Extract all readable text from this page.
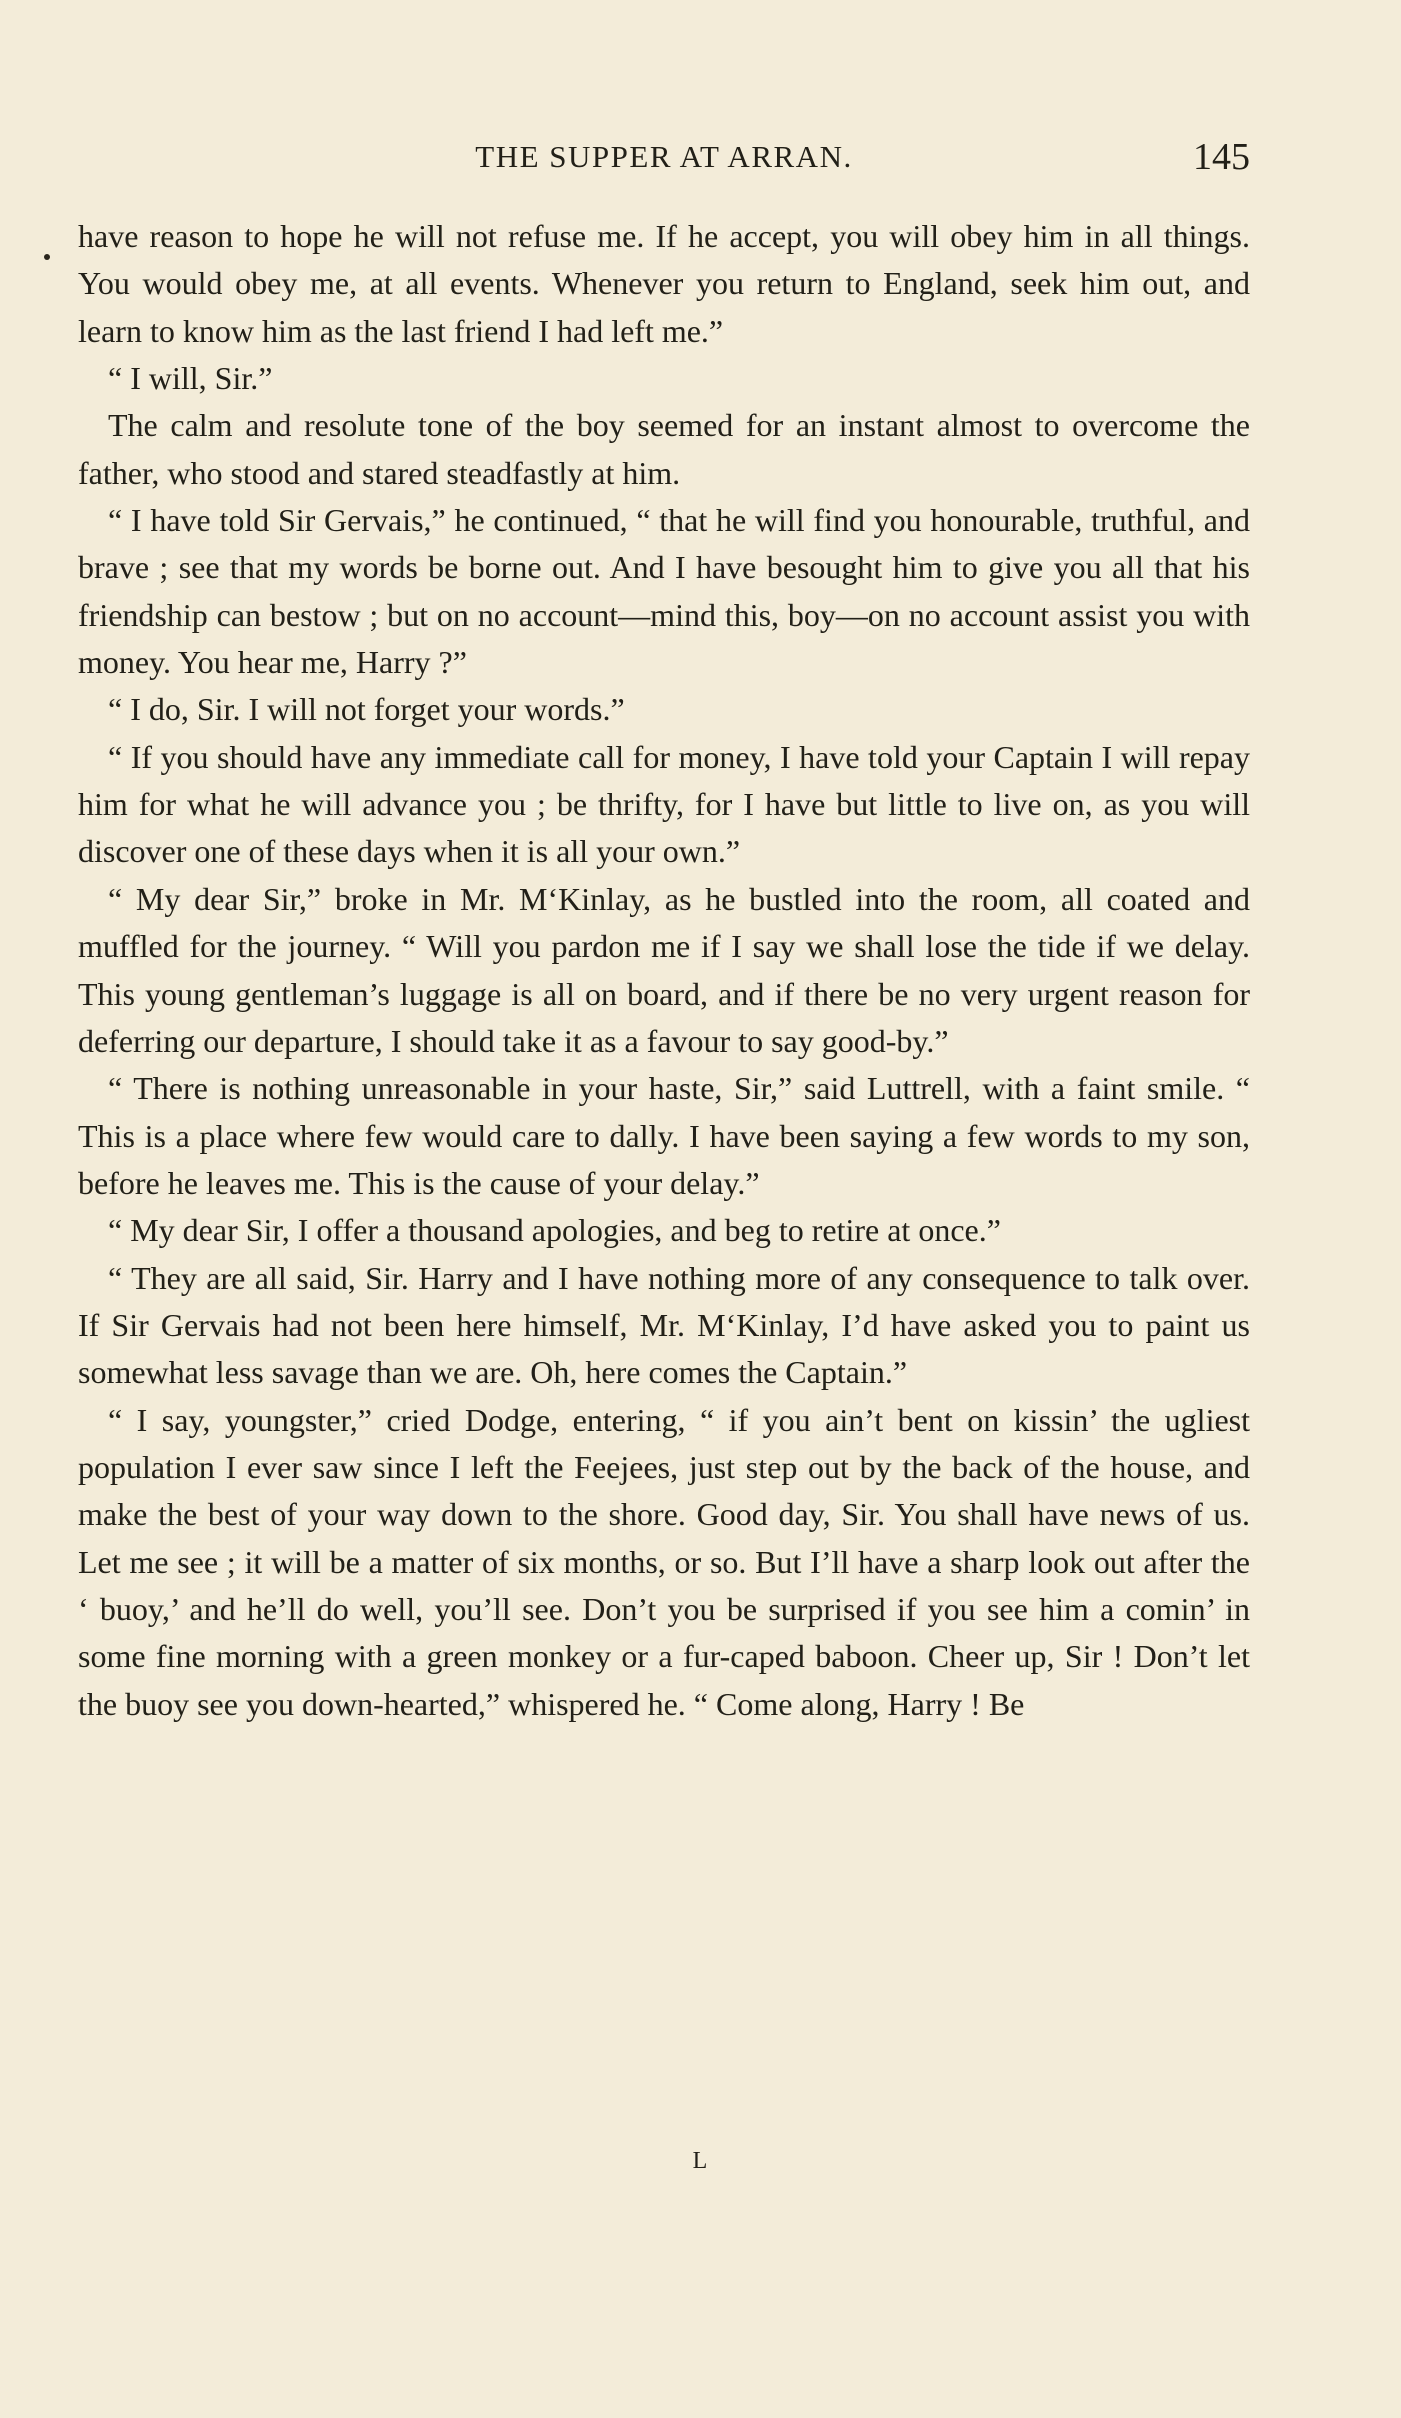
THE SUPPER AT ARRAN.	145

have reason to hope he will not refuse me. If he accept, you will obey him in all things. You would obey me, at all events. Whenever you return to England, seek him out, and learn to know him as the last friend I had left me.”

“ I will, Sir.”

The calm and resolute tone of the boy seemed for an instant almost to overcome the father, who stood and stared steadfastly at him.

“ I have told Sir Gervais,” he continued, “ that he will find you honourable, truthful, and brave ; see that my words be borne out. And I have besought him to give you all that his friendship can bestow ; but on no account—mind this, boy—on no account assist you with money. You hear me, Harry ?”

“ I do, Sir. I will not forget your words.”

“ If you should have any immediate call for money, I have told your Captain I will repay him for what he will advance you ; be thrifty, for I have but little to live on, as you will discover one of these days when it is all your own.”

“ My dear Sir,” broke in Mr. M‘Kinlay, as he bustled into the room, all coated and muffled for the journey. “ Will you pardon me if I say we shall lose the tide if we delay. This young gentleman’s luggage is all on board, and if there be no very urgent reason for deferring our departure, I should take it as a favour to say good-by.”

“ There is nothing unreasonable in your haste, Sir,” said Luttrell, with a faint smile. “ This is a place where few would care to dally. I have been saying a few words to my son, before he leaves me. This is the cause of your delay.”

“ My dear Sir, I offer a thousand apologies, and beg to retire at once.”

“ They are all said, Sir. Harry and I have nothing more of any consequence to talk over. If Sir Gervais had not been here himself, Mr. M‘Kinlay, I’d have asked you to paint us somewhat less savage than we are. Oh, here comes the Captain.”

“ I say, youngster,” cried Dodge, entering, “ if you ain’t bent on kissin’ the ugliest population I ever saw since I left the Feejees, just step out by the back of the house, and make the best of your way down to the shore. Good day, Sir. You shall have news of us. Let me see ; it will be a matter of six months, or so. But I’ll have a sharp look out after the ‘ buoy,’ and he’ll do well, you’ll see. Don’t you be surprised if you see him a comin’ in some fine morning with a green monkey or a fur-caped baboon. Cheer up, Sir ! Don’t let the buoy see you down-hearted,” whispered he. “ Come along, Harry ! Be

L
